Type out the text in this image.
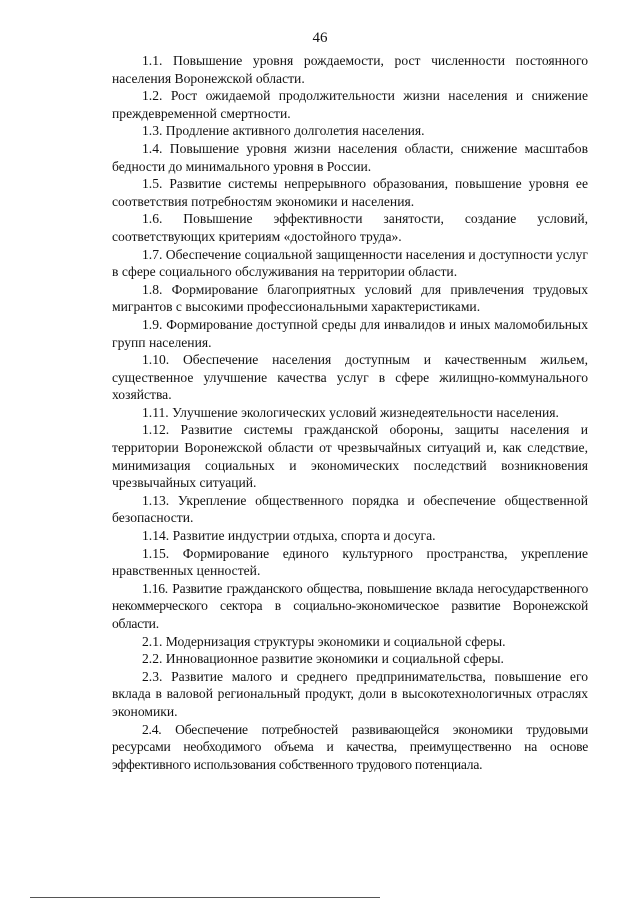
46

1.1. Повышение уровня рождаемости, рост численности постоянного населения Воронежской области.

1.2. Рост ожидаемой продолжительности жизни населения и снижение преждевременной смертности.

1.3. Продление активного долголетия населения.

1.4. Повышение уровня жизни населения области, снижение масштабов бедности до минимального уровня в России.

1.5. Развитие системы непрерывного образования, повышение уровня ее соответствия потребностям экономики и населения.

1.6. Повышение эффективности занятости, создание условий, соответствующих критериям «достойного труда».

1.7. Обеспечение социальной защищенности населения и доступности услуг в сфере социального обслуживания на территории области.

1.8. Формирование благоприятных условий для привлечения трудовых мигрантов с высокими профессиональными характеристиками.

1.9. Формирование доступной среды для инвалидов и иных маломобильных групп населения.

1.10. Обеспечение населения доступным и качественным жильем, существенное улучшение качества услуг в сфере жилищно-коммунального хозяйства.

1.11. Улучшение экологических условий жизнедеятельности населения.

1.12. Развитие системы гражданской обороны, защиты населения и территории Воронежской области от чрезвычайных ситуаций и, как следствие, минимизация социальных и экономических последствий возникновения чрезвычайных ситуаций.

1.13. Укрепление общественного порядка и обеспечение общественной безопасности.

1.14. Развитие индустрии отдыха, спорта и досуга.

1.15. Формирование единого культурного пространства, укрепление нравственных ценностей.

1.16. Развитие гражданского общества, повышение вклада негосударственного некоммерческого сектора в социально-экономическое развитие Воронежской области.

2.1. Модернизация структуры экономики и социальной сферы.

2.2. Инновационное развитие экономики и социальной сферы.

2.3. Развитие малого и среднего предпринимательства, повышение его вклада в валовой региональный продукт, доли в высокотехнологичных отраслях экономики.

2.4. Обеспечение потребностей развивающейся экономики трудовыми ресурсами необходимого объема и качества, преимущественно на основе эффективного использования собственного трудового потенциала.
